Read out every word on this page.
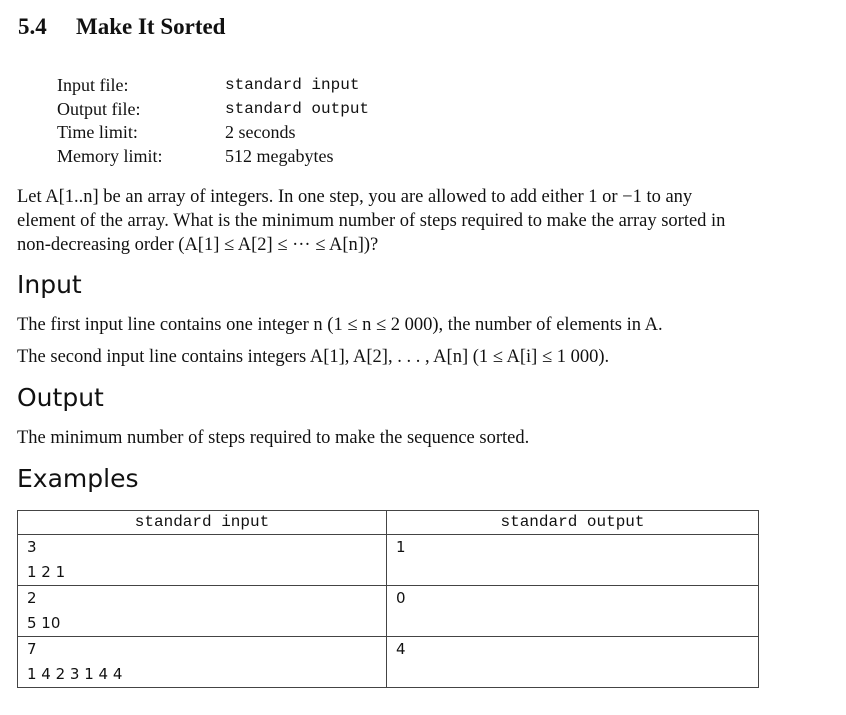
5.4 Make It Sorted
Input file:	standard input
Output file:	standard output
Time limit:	2 seconds
Memory limit:	512 megabytes
Let A[1..n] be an array of integers. In one step, you are allowed to add either 1 or −1 to any
element of the array. What is the minimum number of steps required to make the array sorted in
non-decreasing order (A[1] ≤ A[2] ≤ ··· ≤ A[n])?
Input
The first input line contains one integer n (1 ≤ n ≤ 2 000), the number of elements in A.
The second input line contains integers A[1], A[2], . . . , A[n] (1 ≤ A[i] ≤ 1 000).
Output
The minimum number of steps required to make the sequence sorted.
Examples
standard input	standard output
3
1 2 1	1
2
5 10	0
7
1 4 2 3 1 4 4	4
